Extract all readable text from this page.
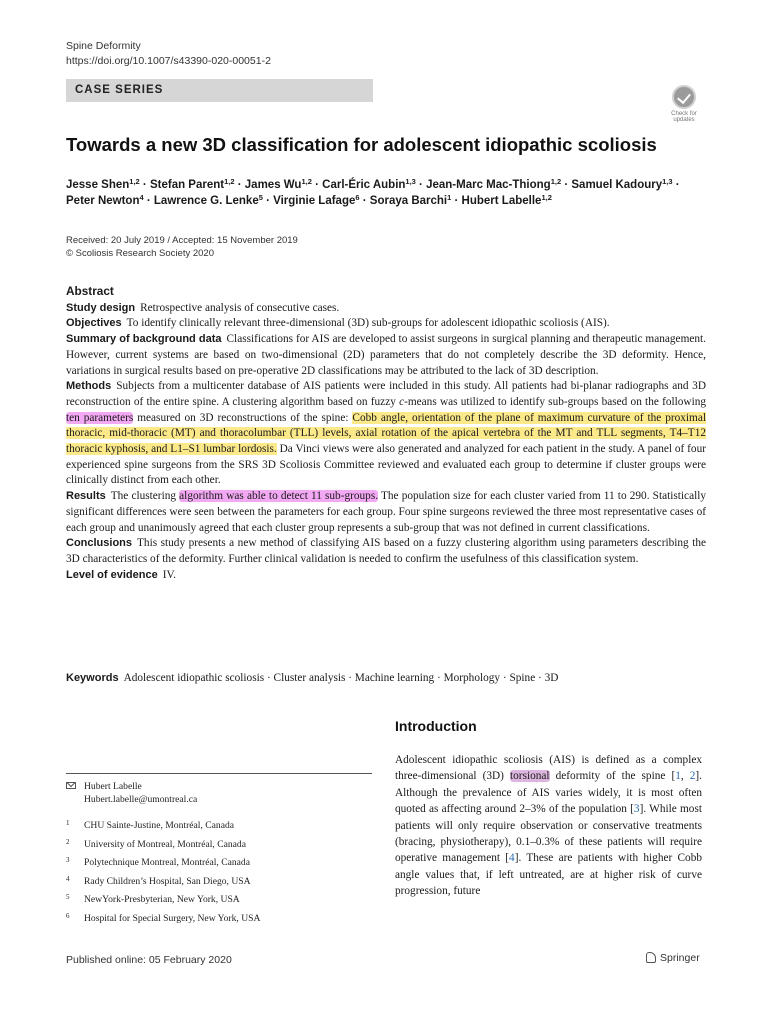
Spine Deformity
https://doi.org/10.1007/s43390-020-00051-2
CASE SERIES
Check for
updates
Towards a new 3D classification for adolescent idiopathic scoliosis
Jesse Shen$^{1,2}$ · Stefan Parent$^{1,2}$ · James Wu$^{1,2}$ · Carl-Éric Aubin$^{1,3}$ · Jean-Marc Mac-Thiong$^{1,2}$ · Samuel Kadoury$^{1,3}$ ·
Peter Newton$^4$ · Lawrence G. Lenke$^5$ · Virginie Lafage$^6$ · Soraya Barchi$^1$ · Hubert Labelle$^{1,2}$
Received: 20 July 2019 / Accepted: 15 November 2019
© Scoliosis Research Society 2020
Abstract
Study design Retrospective analysis of consecutive cases.
Objectives To identify clinically relevant three-dimensional (3D) sub-groups for adolescent idiopathic scoliosis (AIS).
Summary of background data Classifications for AIS are developed to assist surgeons in surgical planning and therapeutic management. However, current systems are based on two-dimensional (2D) parameters that do not completely describe the 3D deformity. Hence, variations in surgical results based on pre-operative 2D classifications may be attributed to the lack of 3D description.
Methods Subjects from a multicenter database of AIS patients were included in this study. All patients had bi-planar radiographs and 3D reconstruction of the entire spine. A clustering algorithm based on fuzzy c-means was utilized to identify sub-groups based on the following ten parameters measured on 3D reconstructions of the spine: Cobb angle, orientation of the plane of maximum curvature of the proximal thoracic, mid-thoracic (MT) and thoracolumbar (TLL) levels, axial rotation of the apical vertebra of the MT and TLL segments, T4–T12 thoracic kyphosis, and L1–S1 lumbar lordosis. Da Vinci views were also generated and analyzed for each patient in the study. A panel of four experienced spine surgeons from the SRS 3D Scoliosis Committee reviewed and evaluated each group to determine if cluster groups were clinically distinct from each other.
Results The clustering algorithm was able to detect 11 sub-groups. The population size for each cluster varied from 11 to 290. Statistically significant differences were seen between the parameters for each group. Four spine surgeons reviewed the three most representative cases of each group and unanimously agreed that each cluster group represents a sub-group that was not defined in current classifications.
Conclusions This study presents a new method of classifying AIS based on a fuzzy clustering algorithm using parameters describing the 3D characteristics of the deformity. Further clinical validation is needed to confirm the usefulness of this classification system.
Level of evidence IV.
Keywords Adolescent idiopathic scoliosis · Cluster analysis · Machine learning · Morphology · Spine · 3D
Introduction
Adolescent idiopathic scoliosis (AIS) is defined as a complex three-dimensional (3D) torsional deformity of the spine [1, 2]. Although the prevalence of AIS varies widely, it is most often quoted as affecting around 2–3% of the population [3]. While most patients will only require observation or conservative treatments (bracing, physiotherapy), 0.1–0.3% of these patients will require operative management [4]. These are patients with higher Cobb angle values that, if left untreated, are at higher risk of curve progression, future
Hubert Labelle
Hubert.labelle@umontreal.ca
1 CHU Sainte-Justine, Montréal, Canada
2 University of Montreal, Montréal, Canada
3 Polytechnique Montreal, Montréal, Canada
4 Rady Children’s Hospital, San Diego, USA
5 NewYork-Presbyterian, New York, USA
6 Hospital for Special Surgery, New York, USA
Published online: 05 February 2020	Springer
